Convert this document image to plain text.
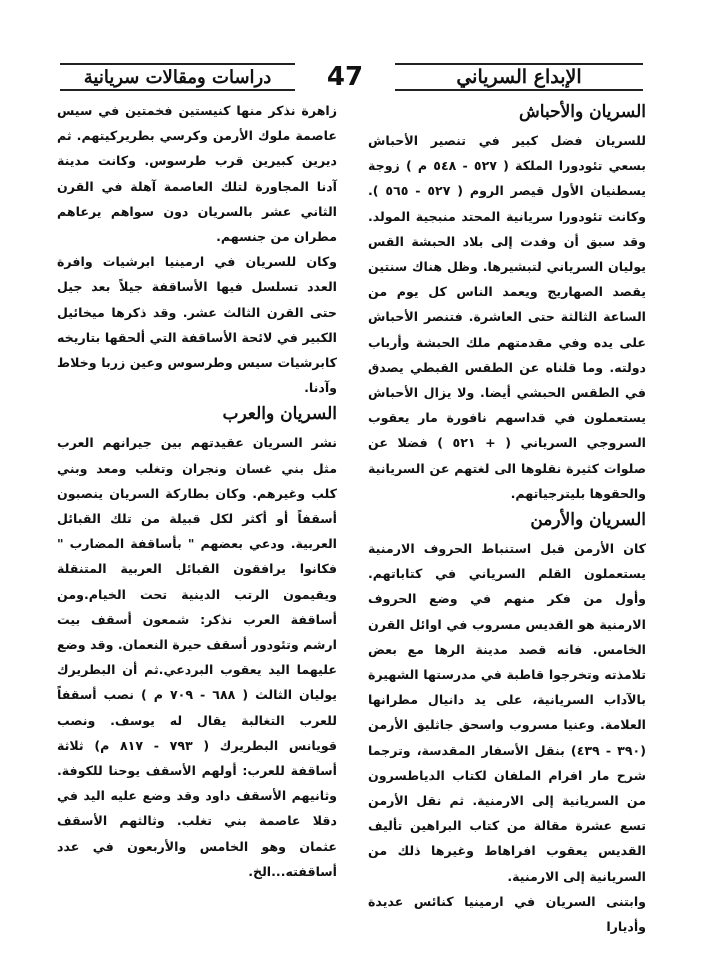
دراسات ومقالات سريانية	47	الإبداع السرياني
السريان والأحباش

للسريان فضل كبير في تنصير الأحباش بسعي تئودورا الملكة ( ٥٢٧ - ٥٤٨ م ) زوجة يسطنيان الأول قيصر الروم ( ٥٢٧ - ٥٦٥ ). وكانت تئودورا سريانية المحتد منبجية المولد. وقد سبق أن وفدت إلى بلاد الحبشة القس يوليان السرياني لتبشيرها. وظل هناك سنتين يقصد الصهاريج ويعمد الناس كل يوم من الساعة الثالثة حتى العاشرة. فتنصر الأحباش على يده وفي مقدمتهم ملك الحبشة وأرباب دولته. وما قلناه عن الطقس القبطي يصدق في الطقس الحبشي أيضا. ولا يزال الأحباش يستعملون في قداسهم نافورة مار يعقوب السروجي السرياني ( + ٥٢١ ) فضلا عن صلوات كثيرة نقلوها الى لغتهم عن السريانية والحقوها بليترجياتهم.

السريان والأرمن

كان الأرمن قبل استنباط الحروف الارمنية يستعملون القلم السرياني في كتاباتهم. وأول من فكر منهم في وضع الحروف الارمنية هو القديس مسروب في اوائل القرن الخامس. فانه قصد مدينة الرها مع بعض تلامذته وتخرجوا قاطبة في مدرستها الشهيرة بالآداب السريانية، على يد دانيال مطرانها العلامة. وعنيا مسروب واسحق جاثليق الأرمن (٣٩٠ - ٤٣٩) بنقل الأسفار المقدسة، وترجما شرح مار افرام الملفان لكتاب الدياطسرون من السريانية إلى الارمنية. ثم نقل الأرمن تسع عشرة مقالة من كتاب البراهين تأليف القديس يعقوب افراهاط وغيرها ذلك من السريانية إلى الارمنية.

وابتنى السريان في ارمينيا كنائس عديدة وأديارا

زاهرة نذكر منها كنيستين فخمتين في سيس عاصمة ملوك الأرمن وكرسي بطريركيتهم. ثم ديرين كبيرين قرب طرسوس. وكانت مدينة آدنا المجاورة لتلك العاصمة آهلة في القرن الثاني عشر بالسريان دون سواهم يرعاهم مطران من جنسهم.

وكان للسريان في ارمينيا ابرشيات وافرة العدد تسلسل فيها الأساقفة جيلاً بعد جيل حتى القرن الثالث عشر. وقد ذكرها ميخائيل الكبير في لائحة الأساقفة التي ألحقها بتاريخه كابرشيات سيس وطرسوس وعين زربا وخلاط وآدنا.

السريان والعرب

نشر السريان عقيدتهم بين جيرانهم العرب مثل بني غسان ونجران وتغلب ومعد وبني كلب وغيرهم. وكان بطاركة السريان ينصبون أسقفاً أو أكثر لكل قبيلة من تلك القبائل العربية. ودعي بعضهم " بأساقفة المضارب " فكانوا يرافقون القبائل العربية المتنقلة ويقيمون الرتب الدينية تحت الخيام.ومن أساقفة العرب نذكر: شمعون أسقف بيت ارشم وتئودور أسقف حيرة النعمان. وقد وضع عليهما اليد يعقوب البردعي.ثم أن البطريرك يوليان الثالث ( ٦٨٨ - ٧٠٩ م ) نصب أسقفاً للعرب التغالبة يقال له يوسف. ونصب قويانس البطريرك ( ٧٩٣ - ٨١٧ م) ثلاثة أساقفة للعرب: أولهم الأسقف يوحنا للكوفة. وثانيهم الأسقف داود وقد وضع عليه اليد في دقلا عاصمة بني تغلب. وثالثهم الأسقف عثمان وهو الخامس والأربعون في عدد أساقفته...الخ.
